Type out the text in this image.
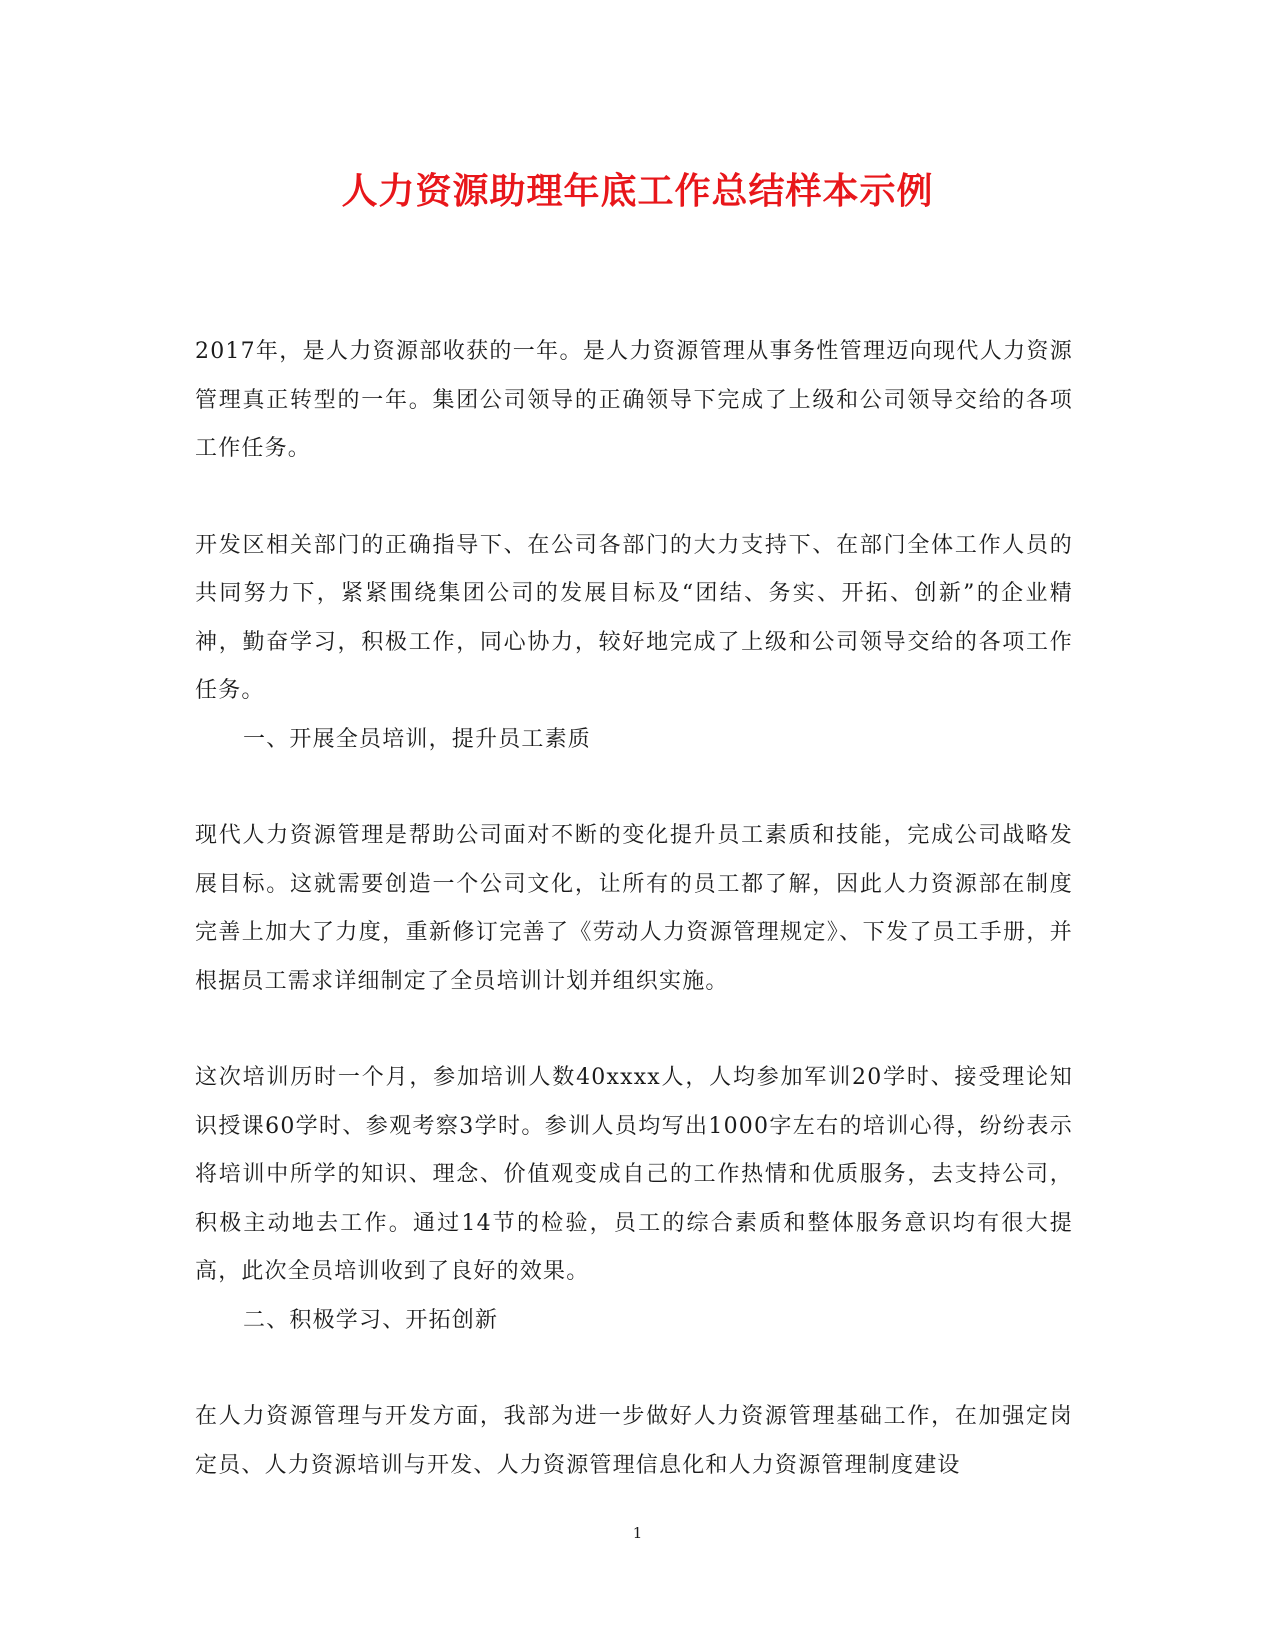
人力资源助理年底工作总结样本示例

2017年，是人力资源部收获的一年。是人力资源管理从事务性管理迈向现代人力资源管理真正转型的一年。集团公司领导的正确领导下完成了上级和公司领导交给的各项工作任务。

开发区相关部门的正确指导下、在公司各部门的大力支持下、在部门全体工作人员的共同努力下，紧紧围绕集团公司的发展目标及“团结、务实、开拓、创新”的企业精神，勤奋学习，积极工作，同心协力，较好地完成了上级和公司领导交给的各项工作任务。

一、开展全员培训，提升员工素质

现代人力资源管理是帮助公司面对不断的变化提升员工素质和技能，完成公司战略发展目标。这就需要创造一个公司文化，让所有的员工都了解，因此人力资源部在制度完善上加大了力度，重新修订完善了《劳动人力资源管理规定》、下发了员工手册，并根据员工需求详细制定了全员培训计划并组织实施。

这次培训历时一个月，参加培训人数40xxxx人，人均参加军训20学时、接受理论知识授课60学时、参观考察3学时。参训人员均写出1000字左右的培训心得，纷纷表示将培训中所学的知识、理念、价值观变成自己的工作热情和优质服务，去支持公司，积极主动地去工作。通过14节的检验，员工的综合素质和整体服务意识均有很大提高，此次全员培训收到了良好的效果。

二、积极学习、开拓创新

在人力资源管理与开发方面，我部为进一步做好人力资源管理基础工作，在加强定岗定员、人力资源培训与开发、人力资源管理信息化和人力资源管理制度建设

1
